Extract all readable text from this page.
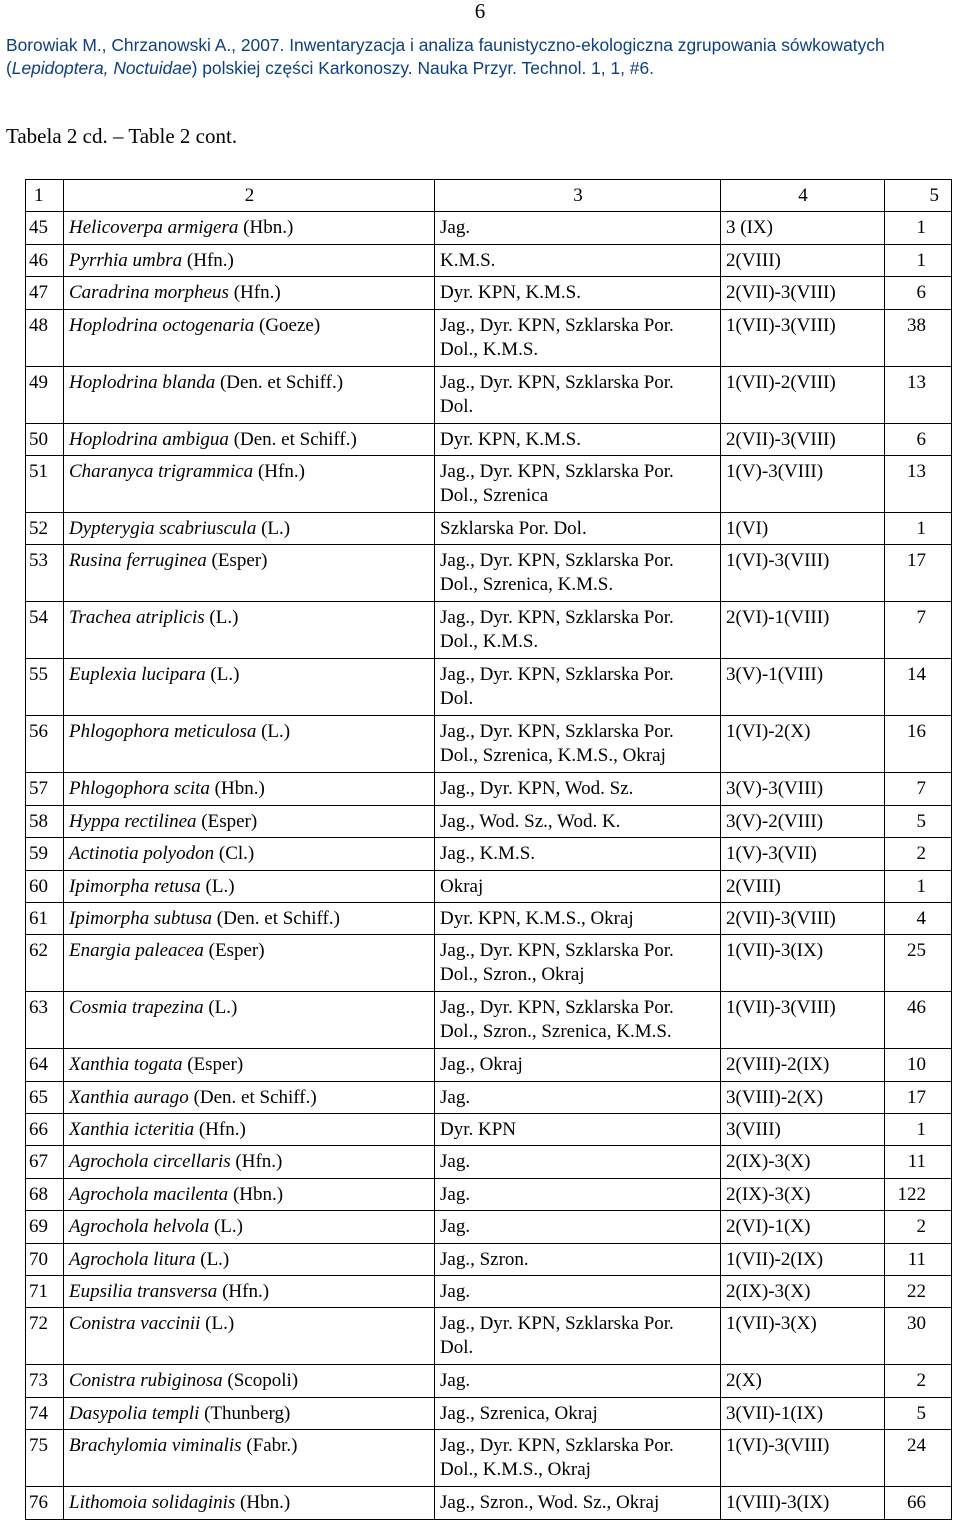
6
Borowiak M., Chrzanowski A., 2007. Inwentaryzacja i analiza faunistyczno-ekologiczna zgrupowania sówkowatych
(Lepidoptera, Noctuidae) polskiej części Karkonoszy. Nauka Przyr. Technol. 1, 1, #6.
Tabela 2 cd. – Table 2 cont.
1	2	3	4	5
45	Helicoverpa armigera (Hbn.)	Jag.	3 (IX)	1
46	Pyrrhia umbra (Hfn.)	K.M.S.	2(VIII)	1
47	Caradrina morpheus (Hfn.)	Dyr. KPN, K.M.S.	2(VII)-3(VIII)	6
48	Hoplodrina octogenaria (Goeze)	Jag., Dyr. KPN, Szklarska Por.
Dol., K.M.S.	1(VII)-3(VIII)	38
49	Hoplodrina blanda (Den. et Schiff.)	Jag., Dyr. KPN, Szklarska Por.
Dol.	1(VII)-2(VIII)	13
50	Hoplodrina ambigua (Den. et Schiff.)	Dyr. KPN, K.M.S.	2(VII)-3(VIII)	6
51	Charanyca trigrammica (Hfn.)	Jag., Dyr. KPN, Szklarska Por.
Dol., Szrenica	1(V)-3(VIII)	13
52	Dypterygia scabriuscula (L.)	Szklarska Por. Dol.	1(VI)	1
53	Rusina ferruginea (Esper)	Jag., Dyr. KPN, Szklarska Por.
Dol., Szrenica, K.M.S.	1(VI)-3(VIII)	17
54	Trachea atriplicis (L.)	Jag., Dyr. KPN, Szklarska Por.
Dol., K.M.S.	2(VI)-1(VIII)	7
55	Euplexia lucipara (L.)	Jag., Dyr. KPN, Szklarska Por.
Dol.	3(V)-1(VIII)	14
56	Phlogophora meticulosa (L.)	Jag., Dyr. KPN, Szklarska Por.
Dol., Szrenica, K.M.S., Okraj	1(VI)-2(X)	16
57	Phlogophora scita (Hbn.)	Jag., Dyr. KPN, Wod. Sz.	3(V)-3(VIII)	7
58	Hyppa rectilinea (Esper)	Jag., Wod. Sz., Wod. K.	3(V)-2(VIII)	5
59	Actinotia polyodon (Cl.)	Jag., K.M.S.	1(V)-3(VII)	2
60	Ipimorpha retusa (L.)	Okraj	2(VIII)	1
61	Ipimorpha subtusa (Den. et Schiff.)	Dyr. KPN, K.M.S., Okraj	2(VII)-3(VIII)	4
62	Enargia paleacea (Esper)	Jag., Dyr. KPN, Szklarska Por.
Dol., Szron., Okraj	1(VII)-3(IX)	25
63	Cosmia trapezina (L.)	Jag., Dyr. KPN, Szklarska Por.
Dol., Szron., Szrenica, K.M.S.	1(VII)-3(VIII)	46
64	Xanthia togata (Esper)	Jag., Okraj	2(VIII)-2(IX)	10
65	Xanthia aurago (Den. et Schiff.)	Jag.	3(VIII)-2(X)	17
66	Xanthia icteritia (Hfn.)	Dyr. KPN	3(VIII)	1
67	Agrochola circellaris (Hfn.)	Jag.	2(IX)-3(X)	11
68	Agrochola macilenta (Hbn.)	Jag.	2(IX)-3(X)	122
69	Agrochola helvola (L.)	Jag.	2(VI)-1(X)	2
70	Agrochola litura (L.)	Jag., Szron.	1(VII)-2(IX)	11
71	Eupsilia transversa (Hfn.)	Jag.	2(IX)-3(X)	22
72	Conistra vaccinii (L.)	Jag., Dyr. KPN, Szklarska Por.
Dol.	1(VII)-3(X)	30
73	Conistra rubiginosa (Scopoli)	Jag.	2(X)	2
74	Dasypolia templi (Thunberg)	Jag., Szrenica, Okraj	3(VII)-1(IX)	5
75	Brachylomia viminalis (Fabr.)	Jag., Dyr. KPN, Szklarska Por.
Dol., K.M.S., Okraj	1(VI)-3(VIII)	24
76	Lithomoia solidaginis (Hbn.)	Jag., Szron., Wod. Sz., Okraj	1(VIII)-3(IX)	66
